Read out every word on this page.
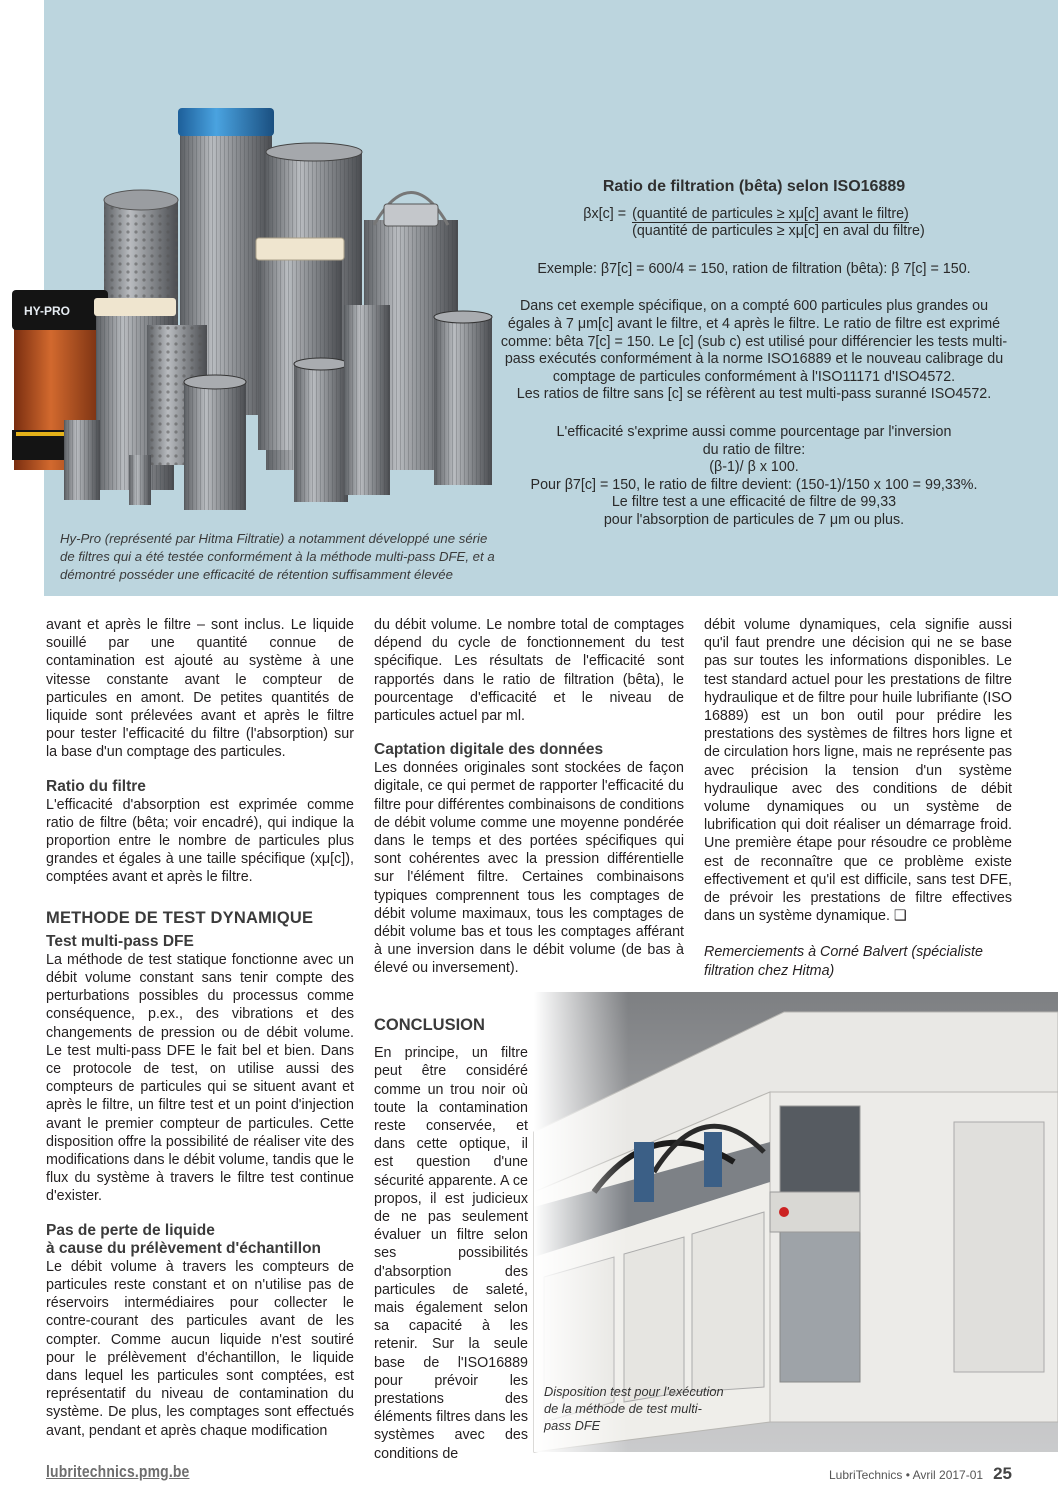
HY-PRO

Hy-Pro (représenté par Hitma Filtratie) a notamment développé une série de filtres qui a été testée conformément à la méthode multi-pass DFE, et a démontré posséder une efficacité de rétention suffisamment élevée

Ratio de filtration (bêta) selon ISO16889
βx[c] = (quantité de particules ≥ xμ[c] avant le filtre)
(quantité de particules ≥ xμ[c] en aval du filtre)

Exemple: β7[c] = 600/4 = 150, ration de filtration (bêta): β 7[c] = 150.

Dans cet exemple spécifique, on a compté 600 particules plus grandes ou égales à 7 μm[c] avant le filtre, et 4 après le filtre. Le ratio de filtre est exprimé comme: bêta 7[c] = 150. Le [c] (sub c) est utilisé pour différencier les tests multi-pass exécutés conformément à la norme ISO16889 et le nouveau calibrage du comptage de particules conformément à l'ISO11171 d'ISO4572.

Les ratios de filtre sans [c] se réfèrent au test multi-pass suranné ISO4572.

L'efficacité s'exprime aussi comme pourcentage par l'inversion

du ratio de filtre:

(β-1)/ β x 100.

Pour β7[c] = 150, le ratio de filtre devient: (150-1)/150 x 100 = 99,33%.

Le filtre test a une efficacité de filtre de 99,33

pour l'absorption de particules de 7 μm ou plus.

avant et après le filtre – sont inclus. Le liquide souillé par une quantité connue de contamination est ajouté au système à une vitesse constante avant le compteur de particules en amont. De petites quantités de liquide sont prélevées avant et après le filtre pour tester l'efficacité du filtre (l'absorption) sur la base d'un comptage des particules.

Ratio du filtre

L'efficacité d'absorption est exprimée comme ratio de filtre (bêta; voir encadré), qui indique la proportion entre le nombre de particules plus grandes et égales à une taille spécifique (xμ[c]), comptées avant et après le filtre.

METHODE DE TEST DYNAMIQUE
Test multi-pass DFE

La méthode de test statique fonctionne avec un débit volume constant sans tenir compte des perturbations possibles du processus comme conséquence, p.ex., des vibrations et des changements de pression ou de débit volume. Le test multi-pass DFE le fait bel et bien. Dans ce protocole de test, on utilise aussi des compteurs de particules qui se situent avant et après le filtre, un filtre test et un point d'injection avant le premier compteur de particules. Cette disposition offre la possibilité de réaliser vite des modifications dans le débit volume, tandis que le flux du système à travers le filtre test continue d'exister.

Pas de perte de liquide
à cause du prélèvement d'échantillon

Le débit volume à travers les compteurs de particules reste constant et on n'utilise pas de réservoirs intermédiaires pour collecter le contre-courant des particules avant de les compter. Comme aucun liquide n'est soutiré pour le prélèvement d'échantillon, le liquide dans lequel les particules sont comptées, est représentatif du niveau de contamination du système. De plus, les comptages sont effectués avant, pendant et après chaque modification

du débit volume. Le nombre total de comptages dépend du cycle de fonctionnement du test spécifique. Les résultats de l'efficacité sont rapportés dans le ratio de filtration (bêta), le pourcentage d'efficacité et le niveau de particules actuel par ml.

Captation digitale des données

Les données originales sont stockées de façon digitale, ce qui permet de rapporter l'efficacité du filtre pour différentes combinaisons de conditions de débit volume comme une moyenne pondérée dans le temps et des portées spécifiques qui sont cohérentes avec la pression différentielle sur l'élément filtre. Certaines combinaisons typiques comprennent tous les comptages de débit volume maximaux, tous les comptages de débit volume bas et tous les comptages afférant à une inversion dans le débit volume (de bas à élevé ou inversement).

CONCLUSION

En principe, un filtre peut être considéré comme un trou noir où toute la contamination reste conservée, et dans cette optique, il est question d'une sécurité apparente. A ce propos, il est judicieux de ne pas seulement évaluer un filtre selon ses possibilités d'absorption des particules de saleté, mais également selon sa capacité à les retenir. Sur la seule base de l'ISO16889 pour prévoir les prestations des éléments filtres dans les systèmes avec des conditions de

débit volume dynamiques, cela signifie aussi qu'il faut prendre une décision qui ne se base pas sur toutes les informations disponibles. Le test standard actuel pour les prestations de filtre hydraulique et de filtre pour huile lubrifiante (ISO 16889) est un bon outil pour prédire les prestations des systèmes de filtres hors ligne et de circulation hors ligne, mais ne représente pas avec précision la tension d'un système hydraulique avec des conditions de débit volume dynamiques ou un système de lubrification qui doit réaliser un démarrage froid. Une première étape pour résoudre ce problème est de reconnaître que ce problème existe effectivement et qu'il est difficile, sans test DFE, de prévoir les prestations de filtre effectives dans un système dynamique. ❑

Remerciements à Corné Balvert (spécialiste filtration chez Hitma)

Disposition test pour l'exécution de la méthode de test multi-pass DFE

lubritechnics.pmg.be	LubriTechnics • Avril 2017-01 25
